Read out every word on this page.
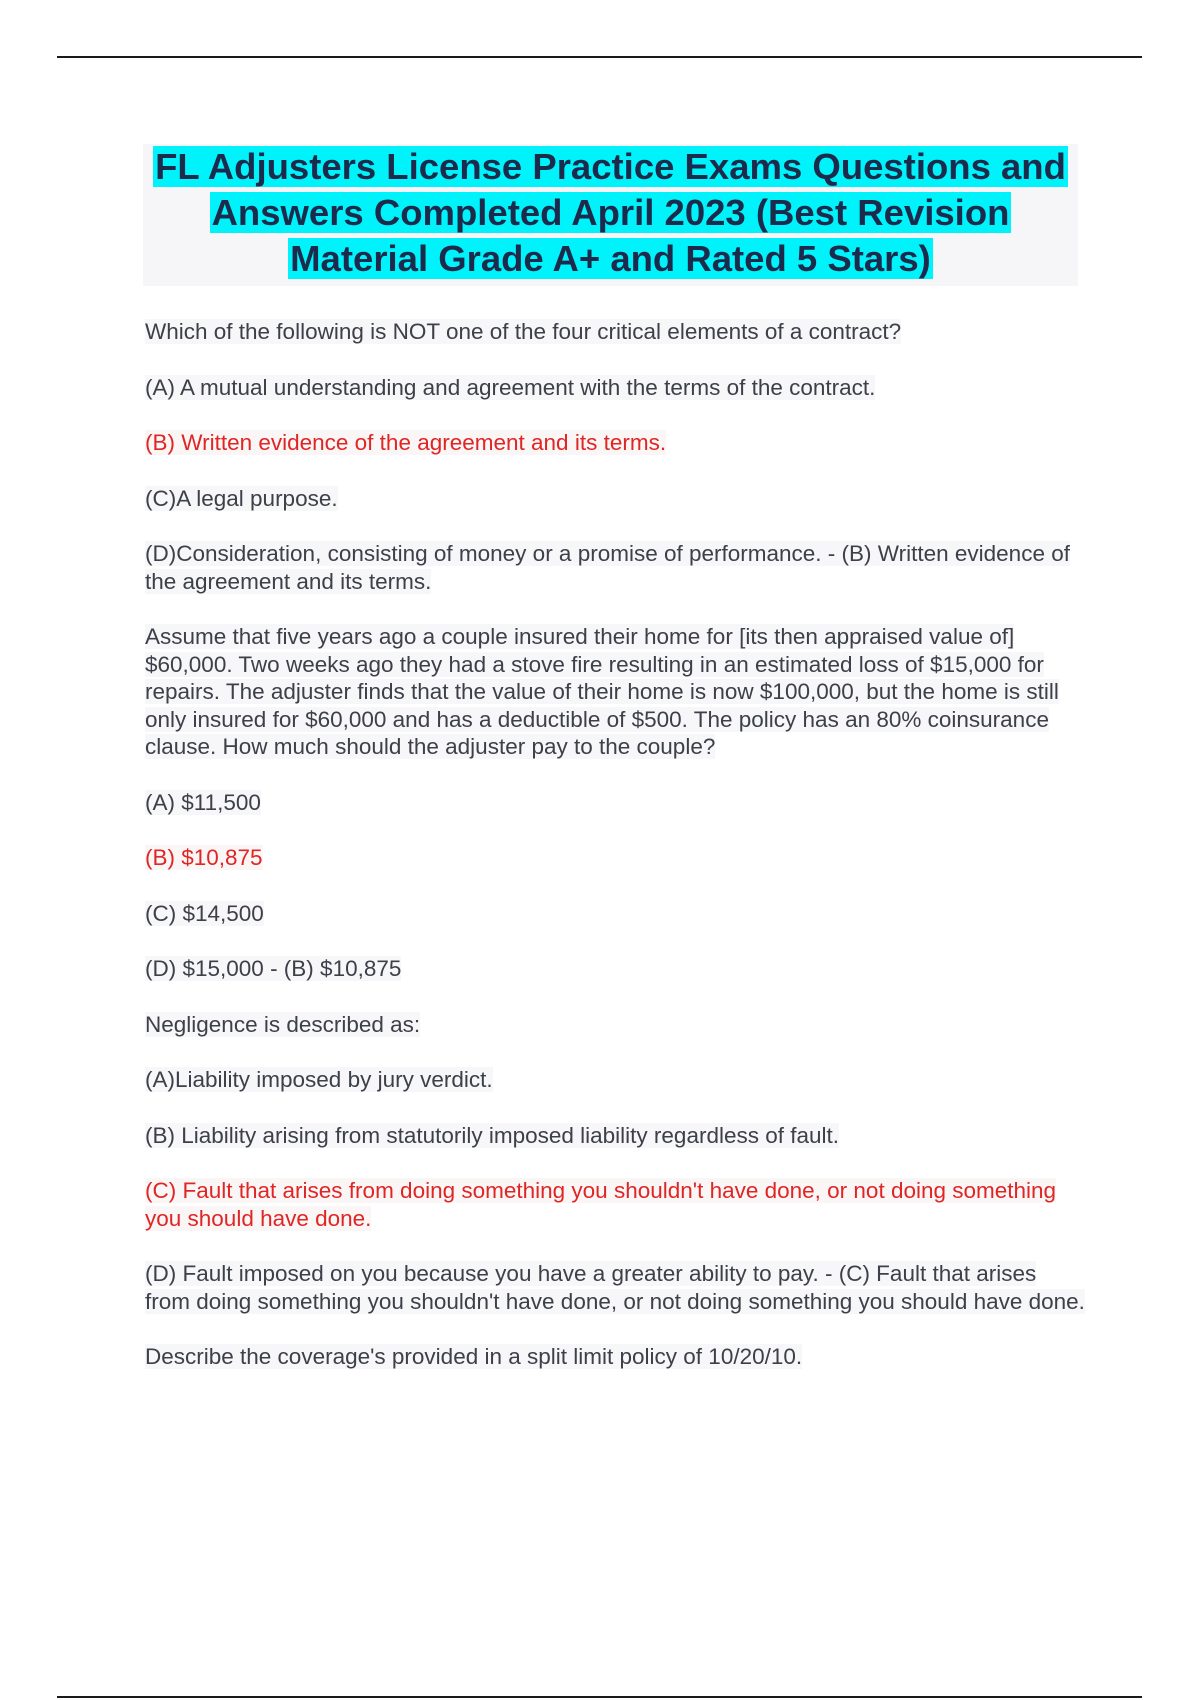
FL Adjusters License Practice Exams Questions and Answers Completed April 2023 (Best Revision Material Grade A+ and Rated 5 Stars)

Which of the following is NOT one of the four critical elements of a contract?

(A) A mutual understanding and agreement with the terms of the contract.

(B) Written evidence of the agreement and its terms.

(C)A legal purpose.

(D)Consideration, consisting of money or a promise of performance. - (B) Written evidence of the agreement and its terms.

Assume that five years ago a couple insured their home for [its then appraised value of] $60,000. Two weeks ago they had a stove fire resulting in an estimated loss of $15,000 for repairs. The adjuster finds that the value of their home is now $100,000, but the home is still only insured for $60,000 and has a deductible of $500. The policy has an 80% coinsurance clause. How much should the adjuster pay to the couple?

(A) $11,500

(B) $10,875

(C) $14,500

(D) $15,000 - (B) $10,875

Negligence is described as:

(A)Liability imposed by jury verdict.

(B) Liability arising from statutorily imposed liability regardless of fault.

(C) Fault that arises from doing something you shouldn't have done, or not doing something you should have done.

(D) Fault imposed on you because you have a greater ability to pay. - (C) Fault that arises from doing something you shouldn't have done, or not doing something you should have done.

Describe the coverage's provided in a split limit policy of 10/20/10.
